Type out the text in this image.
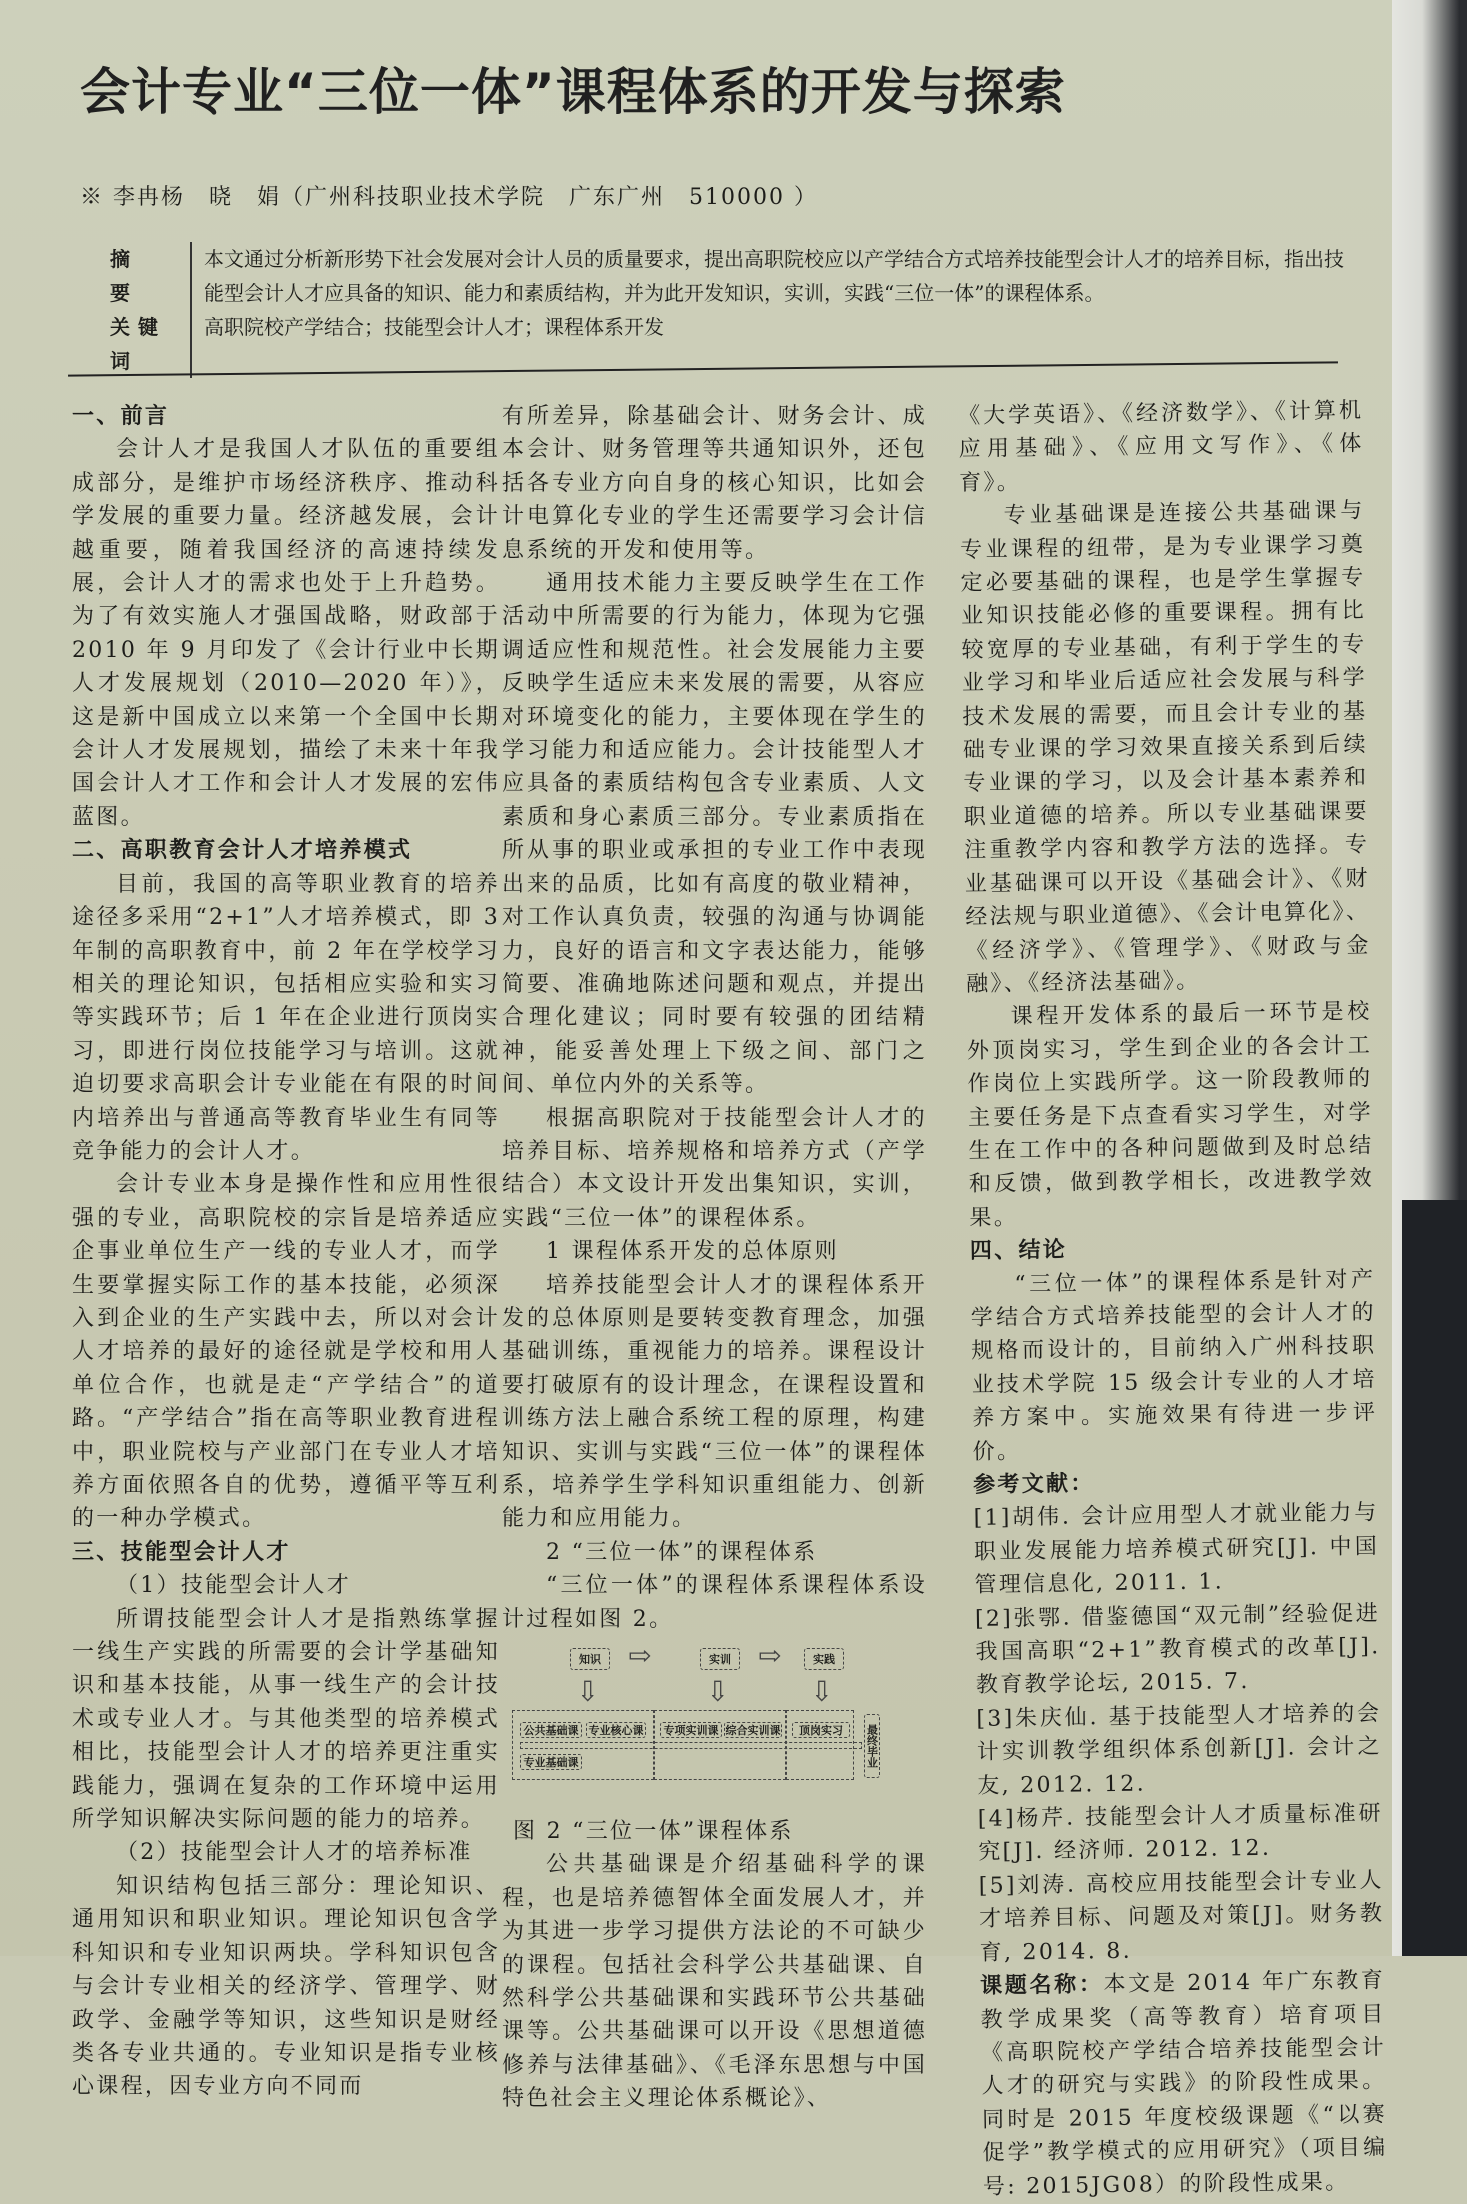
会计专业“三位一体”课程体系的开发与探索
※ 李冉杨　晓　娟（广州科技职业技术学院　广东广州　510000 ）
摘　要
本文通过分析新形势下社会发展对会计人员的质量要求，提出高职院校应以产学结合方式培养技能型会计人才的培养目标，指出技能型会计人才应具备的知识、能力和素质结构，并为此开发知识，实训，实践“三位一体”的课程体系。
关键词
高职院校产学结合；技能型会计人才；课程体系开发
一、前言

会计人才是我国人才队伍的重要组成部分，是维护市场经济秩序、推动科学发展的重要力量。经济越发展，会计越重要，随着我国经济的高速持续发展，会计人才的需求也处于上升趋势。为了有效实施人才强国战略，财政部于 2010 年 9 月印发了《会计行业中长期人才发展规划（2010—2020 年）》，这是新中国成立以来第一个全国中长期会计人才发展规划，描绘了未来十年我国会计人才工作和会计人才发展的宏伟蓝图。

二、高职教育会计人才培养模式

目前，我国的高等职业教育的培养途径多采用“2+1”人才培养模式，即 3 年制的高职教育中，前 2 年在学校学习相关的理论知识，包括相应实验和实习等实践环节；后 1 年在企业进行顶岗实习，即进行岗位技能学习与培训。这就迫切要求高职会计专业能在有限的时间内培养出与普通高等教育毕业生有同等竞争能力的会计人才。

会计专业本身是操作性和应用性很强的专业，高职院校的宗旨是培养适应企事业单位生产一线的专业人才，而学生要掌握实际工作的基本技能，必须深入到企业的生产实践中去，所以对会计人才培养的最好的途径就是学校和用人单位合作，也就是走“产学结合”的道路。“产学结合”指在高等职业教育进程中，职业院校与产业部门在专业人才培养方面依照各自的优势，遵循平等互利的一种办学模式。

三、技能型会计人才
（1）技能型会计人才

所谓技能型会计人才是指熟练掌握一线生产实践的所需要的会计学基础知识和基本技能，从事一线生产的会计技术或专业人才。与其他类型的培养模式相比，技能型会计人才的培养更注重实践能力，强调在复杂的工作环境中运用所学知识解决实际问题的能力的培养。

（2）技能型会计人才的培养标准

知识结构包括三部分：理论知识、通用知识和职业知识。理论知识包含学科知识和专业知识两块。学科知识包含与会计专业相关的经济学、管理学、财政学、金融学等知识，这些知识是财经类各专业共通的。专业知识是指专业核心课程，因专业方向不同而

有所差异，除基础会计、财务会计、成本会计、财务管理等共通知识外，还包括各专业方向自身的核心知识，比如会计电算化专业的学生还需要学习会计信息系统的开发和使用等。

通用技术能力主要反映学生在工作活动中所需要的行为能力，体现为它强调适应性和规范性。社会发展能力主要反映学生适应未来发展的需要，从容应对环境变化的能力，主要体现在学生的学习能力和适应能力。会计技能型人才应具备的素质结构包含专业素质、人文素质和身心素质三部分。专业素质指在所从事的职业或承担的专业工作中表现出来的品质，比如有高度的敬业精神，对工作认真负责，较强的沟通与协调能力，良好的语言和文字表达能力，能够简要、准确地陈述问题和观点，并提出合理化建议；同时要有较强的团结精神，能妥善处理上下级之间、部门之间、单位内外的关系等。

根据高职院对于技能型会计人才的培养目标、培养规格和培养方式（产学结合）本文设计开发出集知识，实训，实践“三位一体”的课程体系。

1 课程体系开发的总体原则

培养技能型会计人才的课程体系开发的总体原则是要转变教育理念，加强基础训练，重视能力的培养。课程设计要打破原有的设计理念，在课程设置和训练方法上融合系统工程的原理，构建知识、实训与实践“三位一体”的课程体系，培养学生学科知识重组能力、创新能力和应用能力。

2 “三位一体”的课程体系

“三位一体”的课程体系课程体系设计过程如图 2。

知识 ⇨	实训 ⇨	实践
⇩	⇩	⇩
公共基础课 专业核心课	专项实训课 综合实训课	顶岗实习
专业基础课	最终毕业

图 2 “三位一体”课程体系

公共基础课是介绍基础科学的课程，也是培养德智体全面发展人才，并为其进一步学习提供方法论的不可缺少的课程。包括社会科学公共基础课、自然科学公共基础课和实践环节公共基础课等。公共基础课可以开设《思想道德修养与法律基础》、《毛泽东思想与中国特色社会主义理论体系概论》、

《大学英语》、《经济数学》、《计算机应用基础》、《应用文写作》、《体育》。

专业基础课是连接公共基础课与专业课程的纽带，是为专业课学习奠定必要基础的课程，也是学生掌握专业知识技能必修的重要课程。拥有比较宽厚的专业基础，有利于学生的专业学习和毕业后适应社会发展与科学技术发展的需要，而且会计专业的基础专业课的学习效果直接关系到后续专业课的学习，以及会计基本素养和职业道德的培养。所以专业基础课要注重教学内容和教学方法的选择。专业基础课可以开设《基础会计》、《财经法规与职业道德》、《会计电算化》、《经济学》、《管理学》、《财政与金融》、《经济法基础》。

课程开发体系的最后一环节是校外顶岗实习，学生到企业的各会计工作岗位上实践所学。这一阶段教师的主要任务是下点查看实习学生，对学生在工作中的各种问题做到及时总结和反馈，做到教学相长，改进教学效果。

四、结论

“三位一体”的课程体系是针对产学结合方式培养技能型的会计人才的规格而设计的，目前纳入广州科技职业技术学院 15 级会计专业的人才培养方案中。实施效果有待进一步评价。

参考文献：

[1]胡伟. 会计应用型人才就业能力与职业发展能力培养模式研究[J]. 中国管理信息化, 2011. 1.

[2]张鄂. 借鉴德国“双元制”经验促进我国高职“2+1”教育模式的改革[J]. 教育教学论坛, 2015. 7.

[3]朱庆仙. 基于技能型人才培养的会计实训教学组织体系创新[J]. 会计之友, 2012. 12.

[4]杨芹. 技能型会计人才质量标准研究[J]. 经济师. 2012. 12.

[5]刘涛. 高校应用技能型会计专业人才培养目标、问题及对策[J]。财务教育, 2014. 8.

课题名称：本文是 2014 年广东教育教学成果奖（高等教育）培育项目《高职院校产学结合培养技能型会计人才的研究与实践》的阶段性成果。同时是 2015 年度校级课题《“以赛促学”教学模式的应用研究》（项目编号: 2015JG08）的阶段性成果。
